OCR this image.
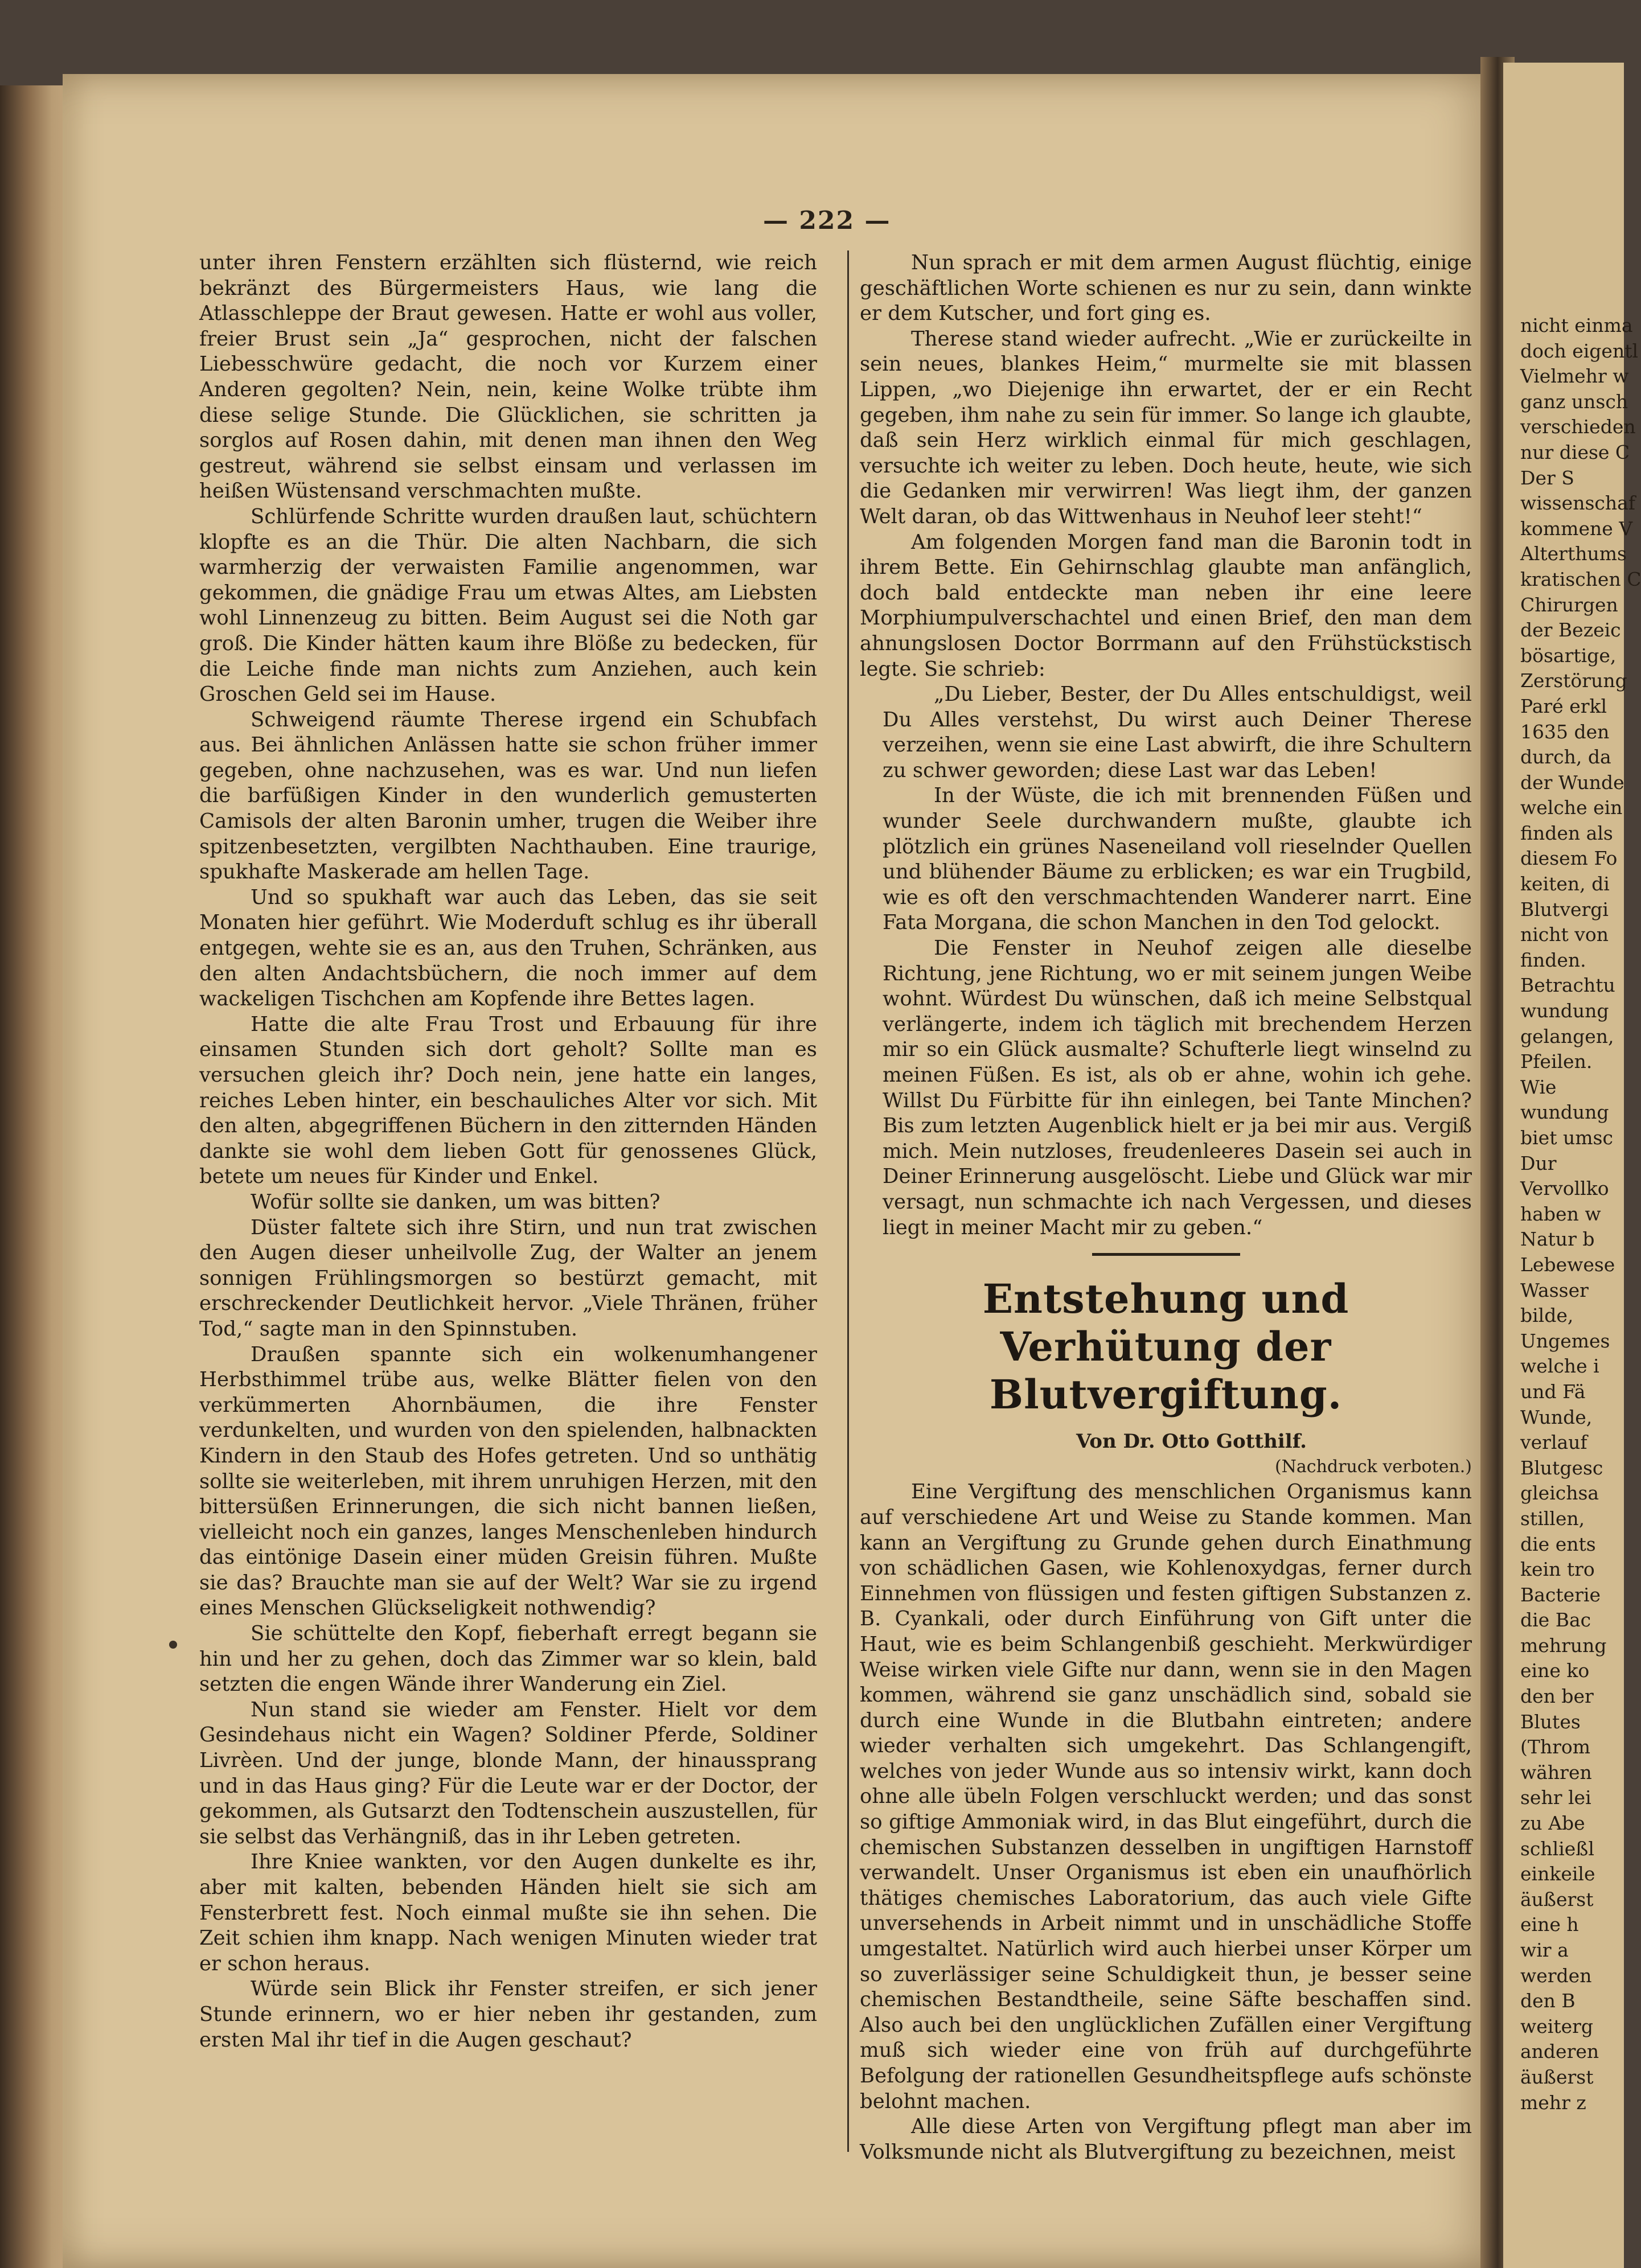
nicht einma
doch eigentl
Vielmehr w
ganz unsch
verschieden
nur diese C
Der S
wissenschaf
kommene V
Alterthums
kratischen C
Chirurgen
der Bezeic
bösartige,
Zerstörung
Paré erkl
1635 den
durch, da
der Wunde
welche ein
finden als
diesem Fo
keiten, di
Blutvergi
nicht von
finden.
Betrachtu
wundung
gelangen,
Pfeilen.
Wie
wundung
biet umsc
Dur
Vervollko
haben w
Natur b
Lebewese
Wasser
bilde,
Ungemes
welche i
und Fä
Wunde,
verlauf
Blutgesc
gleichsa
stillen,
die ents
kein tro
Bacterie
die Bac
mehrung
eine ko
den ber
Blutes
(Throm
währen
sehr lei
zu Abe
schließl
einkeile
äußerst
eine h
wir a
werden
den B
weiterg
anderen
äußerst
mehr z
— 222 —

unter ihren Fenstern erzählten sich flüsternd, wie reich bekränzt des Bürgermeisters Haus, wie lang die Atlasschleppe der Braut gewesen. Hatte er wohl aus voller, freier Brust sein „Ja“ gesprochen, nicht der falschen Liebesschwüre gedacht, die noch vor Kurzem einer Anderen gegolten? Nein, nein, keine Wolke trübte ihm diese selige Stunde. Die Glücklichen, sie schritten ja sorglos auf Rosen dahin, mit denen man ihnen den Weg gestreut, während sie selbst einsam und verlassen im heißen Wüstensand verschmachten mußte.

Schlürfende Schritte wurden draußen laut, schüchtern klopfte es an die Thür. Die alten Nachbarn, die sich warmherzig der verwaisten Familie angenommen, war gekommen, die gnädige Frau um etwas Altes, am Liebsten wohl Linnenzeug zu bitten. Beim August sei die Noth gar groß. Die Kinder hätten kaum ihre Blöße zu bedecken, für die Leiche finde man nichts zum Anziehen, auch kein Groschen Geld sei im Hause.

Schweigend räumte Therese irgend ein Schubfach aus. Bei ähnlichen Anlässen hatte sie schon früher immer gegeben, ohne nachzusehen, was es war. Und nun liefen die barfüßigen Kinder in den wunderlich gemusterten Camisols der alten Baronin umher, trugen die Weiber ihre spitzenbesetzten, vergilbten Nachthauben. Eine traurige, spukhafte Maskerade am hellen Tage.

Und so spukhaft war auch das Leben, das sie seit Monaten hier geführt. Wie Moderduft schlug es ihr überall entgegen, wehte sie es an, aus den Truhen, Schränken, aus den alten Andachtsbüchern, die noch immer auf dem wackeligen Tischchen am Kopfende ihre Bettes lagen.

Hatte die alte Frau Trost und Erbauung für ihre einsamen Stunden sich dort geholt? Sollte man es versuchen gleich ihr? Doch nein, jene hatte ein langes, reiches Leben hinter, ein beschauliches Alter vor sich. Mit den alten, abgegriffenen Büchern in den zitternden Händen dankte sie wohl dem lieben Gott für genossenes Glück, betete um neues für Kinder und Enkel.

Wofür sollte sie danken, um was bitten?

Düster faltete sich ihre Stirn, und nun trat zwischen den Augen dieser unheilvolle Zug, der Walter an jenem sonnigen Frühlingsmorgen so bestürzt gemacht, mit erschreckender Deutlichkeit hervor. „Viele Thränen, früher Tod,“ sagte man in den Spinnstuben.

Draußen spannte sich ein wolkenumhangener Herbsthimmel trübe aus, welke Blätter fielen von den verkümmerten Ahornbäumen, die ihre Fenster verdunkelten, und wurden von den spielenden, halbnackten Kindern in den Staub des Hofes getreten. Und so unthätig sollte sie weiterleben, mit ihrem unruhigen Herzen, mit den bittersüßen Erinnerungen, die sich nicht bannen ließen, vielleicht noch ein ganzes, langes Menschenleben hindurch das eintönige Dasein einer müden Greisin führen. Mußte sie das? Brauchte man sie auf der Welt? War sie zu irgend eines Menschen Glückseligkeit nothwendig?

Sie schüttelte den Kopf, fieberhaft erregt begann sie hin und her zu gehen, doch das Zimmer war so klein, bald setzten die engen Wände ihrer Wanderung ein Ziel.

Nun stand sie wieder am Fenster. Hielt vor dem Gesindehaus nicht ein Wagen? Soldiner Pferde, Soldiner Livrèen. Und der junge, blonde Mann, der hinaussprang und in das Haus ging? Für die Leute war er der Doctor, der gekommen, als Gutsarzt den Todtenschein auszustellen, für sie selbst das Verhängniß, das in ihr Leben getreten.

Ihre Kniee wankten, vor den Augen dunkelte es ihr, aber mit kalten, bebenden Händen hielt sie sich am Fensterbrett fest. Noch einmal mußte sie ihn sehen. Die Zeit schien ihm knapp. Nach wenigen Minuten wieder trat er schon heraus.

Würde sein Blick ihr Fenster streifen, er sich jener Stunde erinnern, wo er hier neben ihr gestanden, zum ersten Mal ihr tief in die Augen geschaut?

Nun sprach er mit dem armen August flüchtig, einige geschäftlichen Worte schienen es nur zu sein, dann winkte er dem Kutscher, und fort ging es.

Therese stand wieder aufrecht. „Wie er zurückeilte in sein neues, blankes Heim,“ murmelte sie mit blassen Lippen, „wo Diejenige ihn erwartet, der er ein Recht gegeben, ihm nahe zu sein für immer. So lange ich glaubte, daß sein Herz wirklich einmal für mich geschlagen, versuchte ich weiter zu leben. Doch heute, heute, wie sich die Gedanken mir verwirren! Was liegt ihm, der ganzen Welt daran, ob das Wittwenhaus in Neuhof leer steht!“

Am folgenden Morgen fand man die Baronin todt in ihrem Bette. Ein Gehirnschlag glaubte man anfänglich, doch bald entdeckte man neben ihr eine leere Morphiumpulverschachtel und einen Brief, den man dem ahnungslosen Doctor Borrmann auf den Frühstückstisch legte. Sie schrieb:

„Du Lieber, Bester, der Du Alles entschuldigst, weil Du Alles verstehst, Du wirst auch Deiner Therese verzeihen, wenn sie eine Last abwirft, die ihre Schultern zu schwer geworden; diese Last war das Leben!

In der Wüste, die ich mit brennenden Füßen und wunder Seele durchwandern mußte, glaubte ich plötzlich ein grünes Naseneiland voll rieselnder Quellen und blühender Bäume zu erblicken; es war ein Trugbild, wie es oft den verschmachtenden Wanderer narrt. Eine Fata Morgana, die schon Manchen in den Tod gelockt.

Die Fenster in Neuhof zeigen alle dieselbe Richtung, jene Richtung, wo er mit seinem jungen Weibe wohnt. Würdest Du wünschen, daß ich meine Selbstqual verlängerte, indem ich täglich mit brechendem Herzen mir so ein Glück ausmalte? Schufterle liegt winselnd zu meinen Füßen. Es ist, als ob er ahne, wohin ich gehe. Willst Du Fürbitte für ihn einlegen, bei Tante Minchen? Bis zum letzten Augenblick hielt er ja bei mir aus. Vergiß mich. Mein nutzloses, freudenleeres Dasein sei auch in Deiner Erinnerung ausgelöscht. Liebe und Glück war mir versagt, nun schmachte ich nach Vergessen, und dieses liegt in meiner Macht mir zu geben.“

Entstehung und Verhütung der Blutvergiftung.

Von Dr. Otto Gotthilf.

(Nachdruck verboten.)

Eine Vergiftung des menschlichen Organismus kann auf verschiedene Art und Weise zu Stande kommen. Man kann an Vergiftung zu Grunde gehen durch Einathmung von schädlichen Gasen, wie Kohlenoxydgas, ferner durch Einnehmen von flüssigen und festen giftigen Substanzen z. B. Cyankali, oder durch Einführung von Gift unter die Haut, wie es beim Schlangenbiß geschieht. Merkwürdiger Weise wirken viele Gifte nur dann, wenn sie in den Magen kommen, während sie ganz unschädlich sind, sobald sie durch eine Wunde in die Blutbahn eintreten; andere wieder verhalten sich umgekehrt. Das Schlangengift, welches von jeder Wunde aus so intensiv wirkt, kann doch ohne alle übeln Folgen verschluckt werden; und das sonst so giftige Ammoniak wird, in das Blut eingeführt, durch die chemischen Substanzen desselben in ungiftigen Harnstoff verwandelt. Unser Organismus ist eben ein unaufhörlich thätiges chemisches Laboratorium, das auch viele Gifte unversehends in Arbeit nimmt und in unschädliche Stoffe umgestaltet. Natürlich wird auch hierbei unser Körper um so zuverlässiger seine Schuldigkeit thun, je besser seine chemischen Bestandtheile, seine Säfte beschaffen sind. Also auch bei den unglücklichen Zufällen einer Vergiftung muß sich wieder eine von früh auf durchgeführte Befolgung der rationellen Gesundheitspflege aufs schönste belohnt machen.

Alle diese Arten von Vergiftung pflegt man aber im Volksmunde nicht als Blutvergiftung zu bezeichnen, meist
